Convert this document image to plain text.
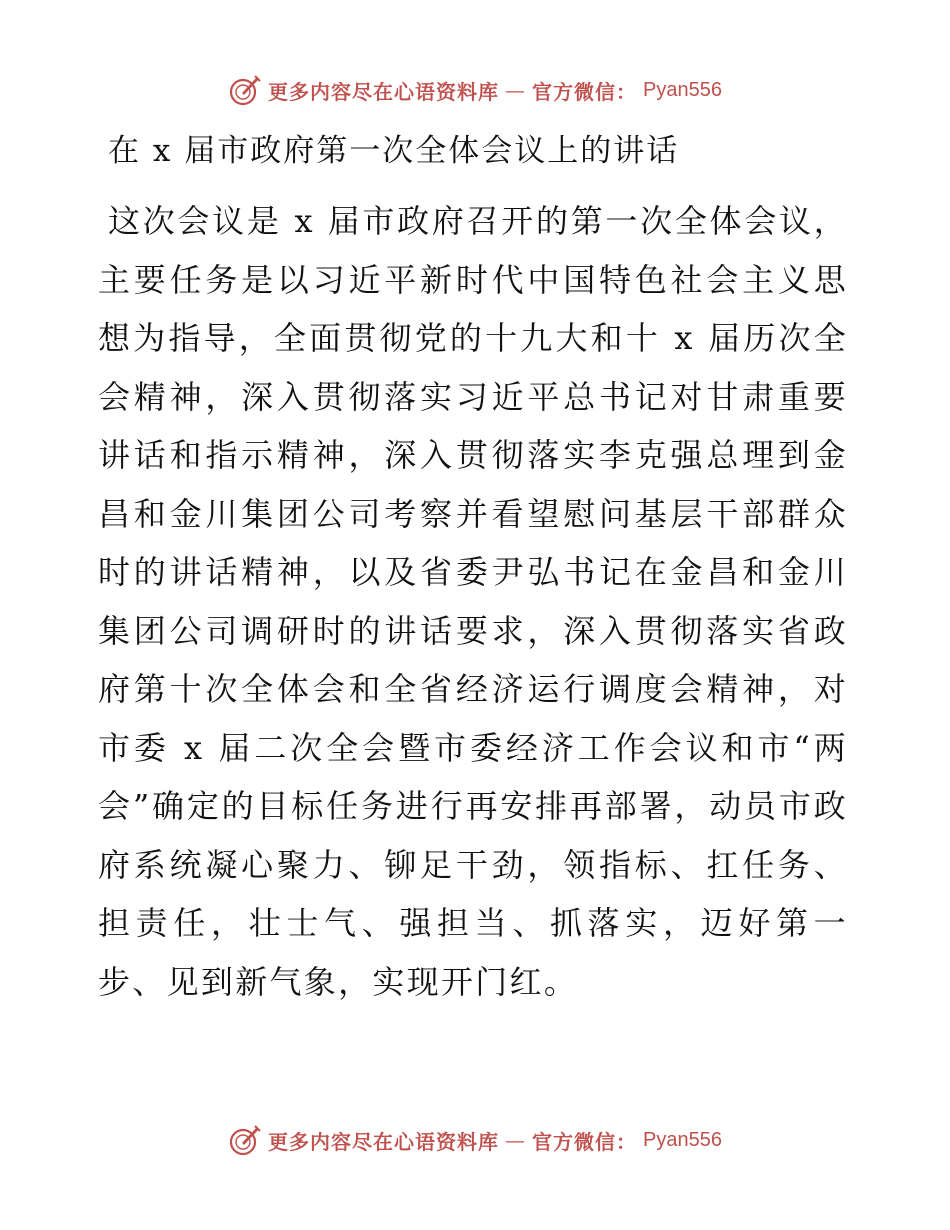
更多内容尽在心语资料库 — 官方微信： Pyan556
在 x 届市政府第一次全体会议上的讲话

这次会议是 x 届市政府召开的第一次全体会议，主要任务是以习近平新时代中国特色社会主义思想为指导，全面贯彻党的十九大和十 x 届历次全会精神，深入贯彻落实习近平总书记对甘肃重要讲话和指示精神，深入贯彻落实李克强总理到金昌和金川集团公司考察并看望慰问基层干部群众时的讲话精神，以及省委尹弘书记在金昌和金川集团公司调研时的讲话要求，深入贯彻落实省政府第十次全体会和全省经济运行调度会精神，对市委 x 届二次全会暨市委经济工作会议和市“两会”确定的目标任务进行再安排再部署，动员市政府系统凝心聚力、铆足干劲，领指标、扛任务、担责任，壮士气、强担当、抓落实，迈好第一步、见到新气象，实现开门红。

更多内容尽在心语资料库 — 官方微信： Pyan556
